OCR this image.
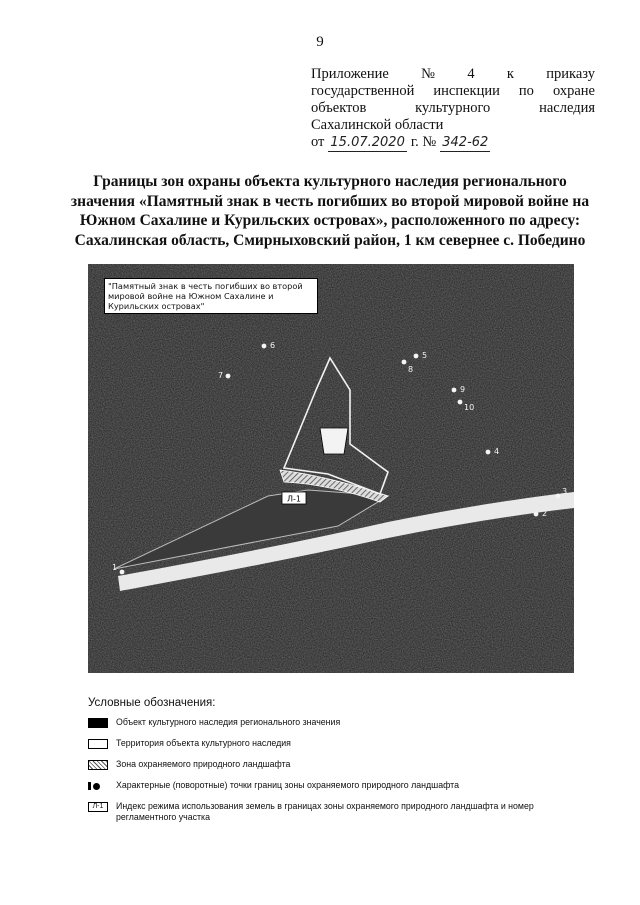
9
Приложение № 4 к приказу
государственной инспекции по охране
объектов	культурного	наследия
Сахалинской области
от 15.07.2020 г. № 342-62
Границы зон охраны объекта культурного наследия регионального значения «Памятный знак в честь погибших во второй мировой войне на Южном Сахалине и Курильских островах», расположенного по адресу: Сахалинская область, Смирныховский район, 1 км севернее с. Победино
Л-1
1
2
3
4
5
6
7
8
9
10
"Памятный знак в честь погибших во второй мировой войне на Южном Сахалине и Курильских островах"
Условные обозначения:
Объект культурного наследия регионального значения
Территория объекта культурного наследия
Зона охраняемого природного ландшафта
Характерные (поворотные) точки границ зоны охраняемого природного ландшафта
Л-1	Индекс режима использования земель в границах зоны охраняемого природного ландшафта и номер регламентного участка
